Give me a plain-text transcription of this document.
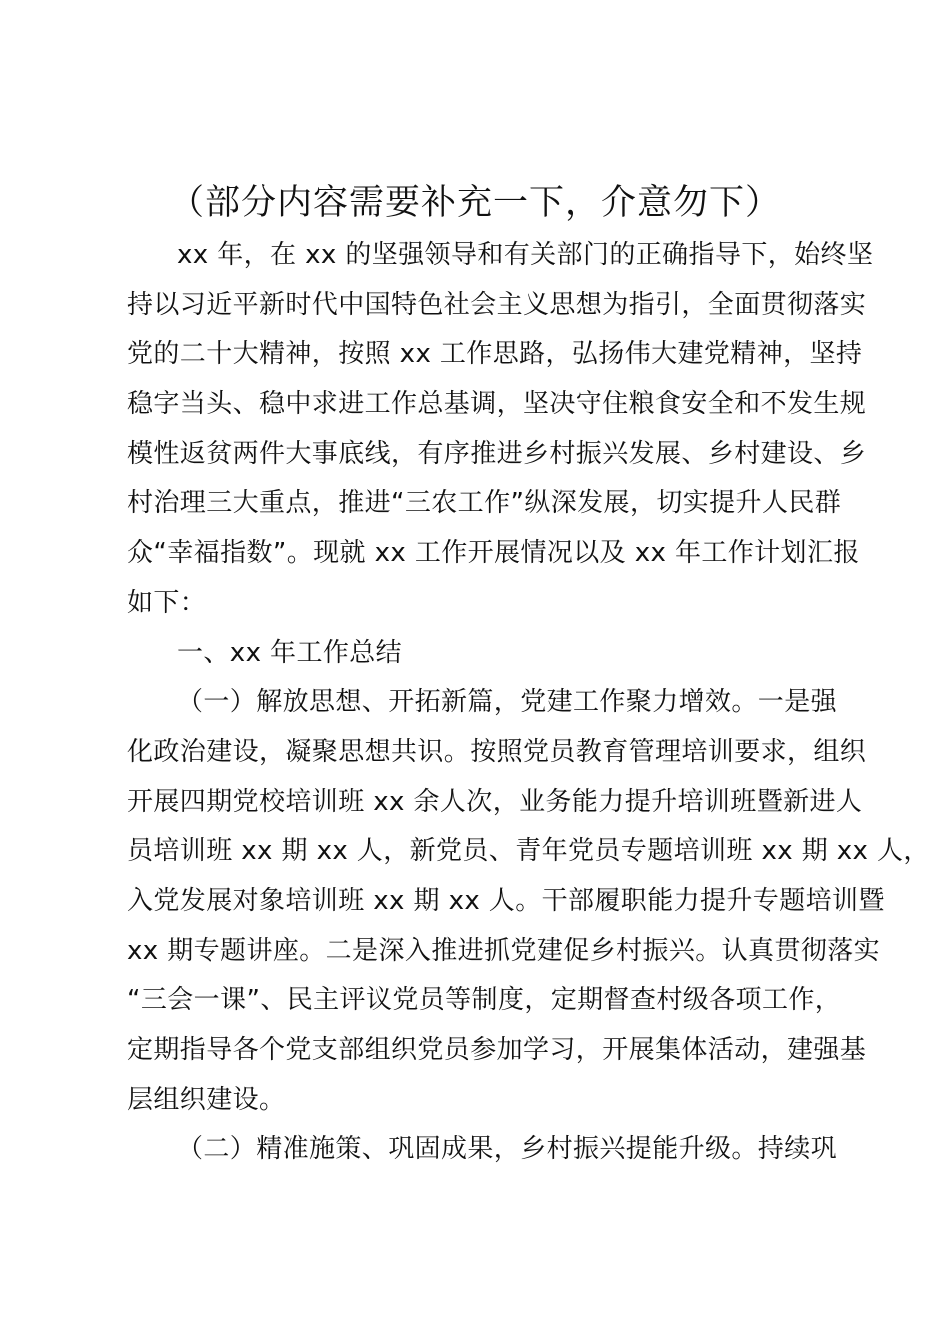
（部分内容需要补充一下，介意勿下）
xx 年，在 xx 的坚强领导和有关部门的正确指导下，始终坚
持以习近平新时代中国特色社会主义思想为指引，全面贯彻落实
党的二十大精神，按照 xx 工作思路，弘扬伟大建党精神，坚持
稳字当头、稳中求进工作总基调，坚决守住粮食安全和不发生规
模性返贫两件大事底线，有序推进乡村振兴发展、乡村建设、乡
村治理三大重点，推进“三农工作”纵深发展，切实提升人民群
众“幸福指数”。现就 xx 工作开展情况以及 xx 年工作计划汇报
如下：
一、xx 年工作总结
（一）解放思想、开拓新篇，党建工作聚力增效。一是强
化政治建设，凝聚思想共识。按照党员教育管理培训要求，组织
开展四期党校培训班 xx 余人次，业务能力提升培训班暨新进人
员培训班 xx 期 xx 人，新党员、青年党员专题培训班 xx 期 xx 人，
入党发展对象培训班 xx 期 xx 人。干部履职能力提升专题培训暨
xx 期专题讲座。二是深入推进抓党建促乡村振兴。认真贯彻落实
“三会一课”、民主评议党员等制度，定期督查村级各项工作，
定期指导各个党支部组织党员参加学习，开展集体活动，建强基
层组织建设。
（二）精准施策、巩固成果，乡村振兴提能升级。持续巩
